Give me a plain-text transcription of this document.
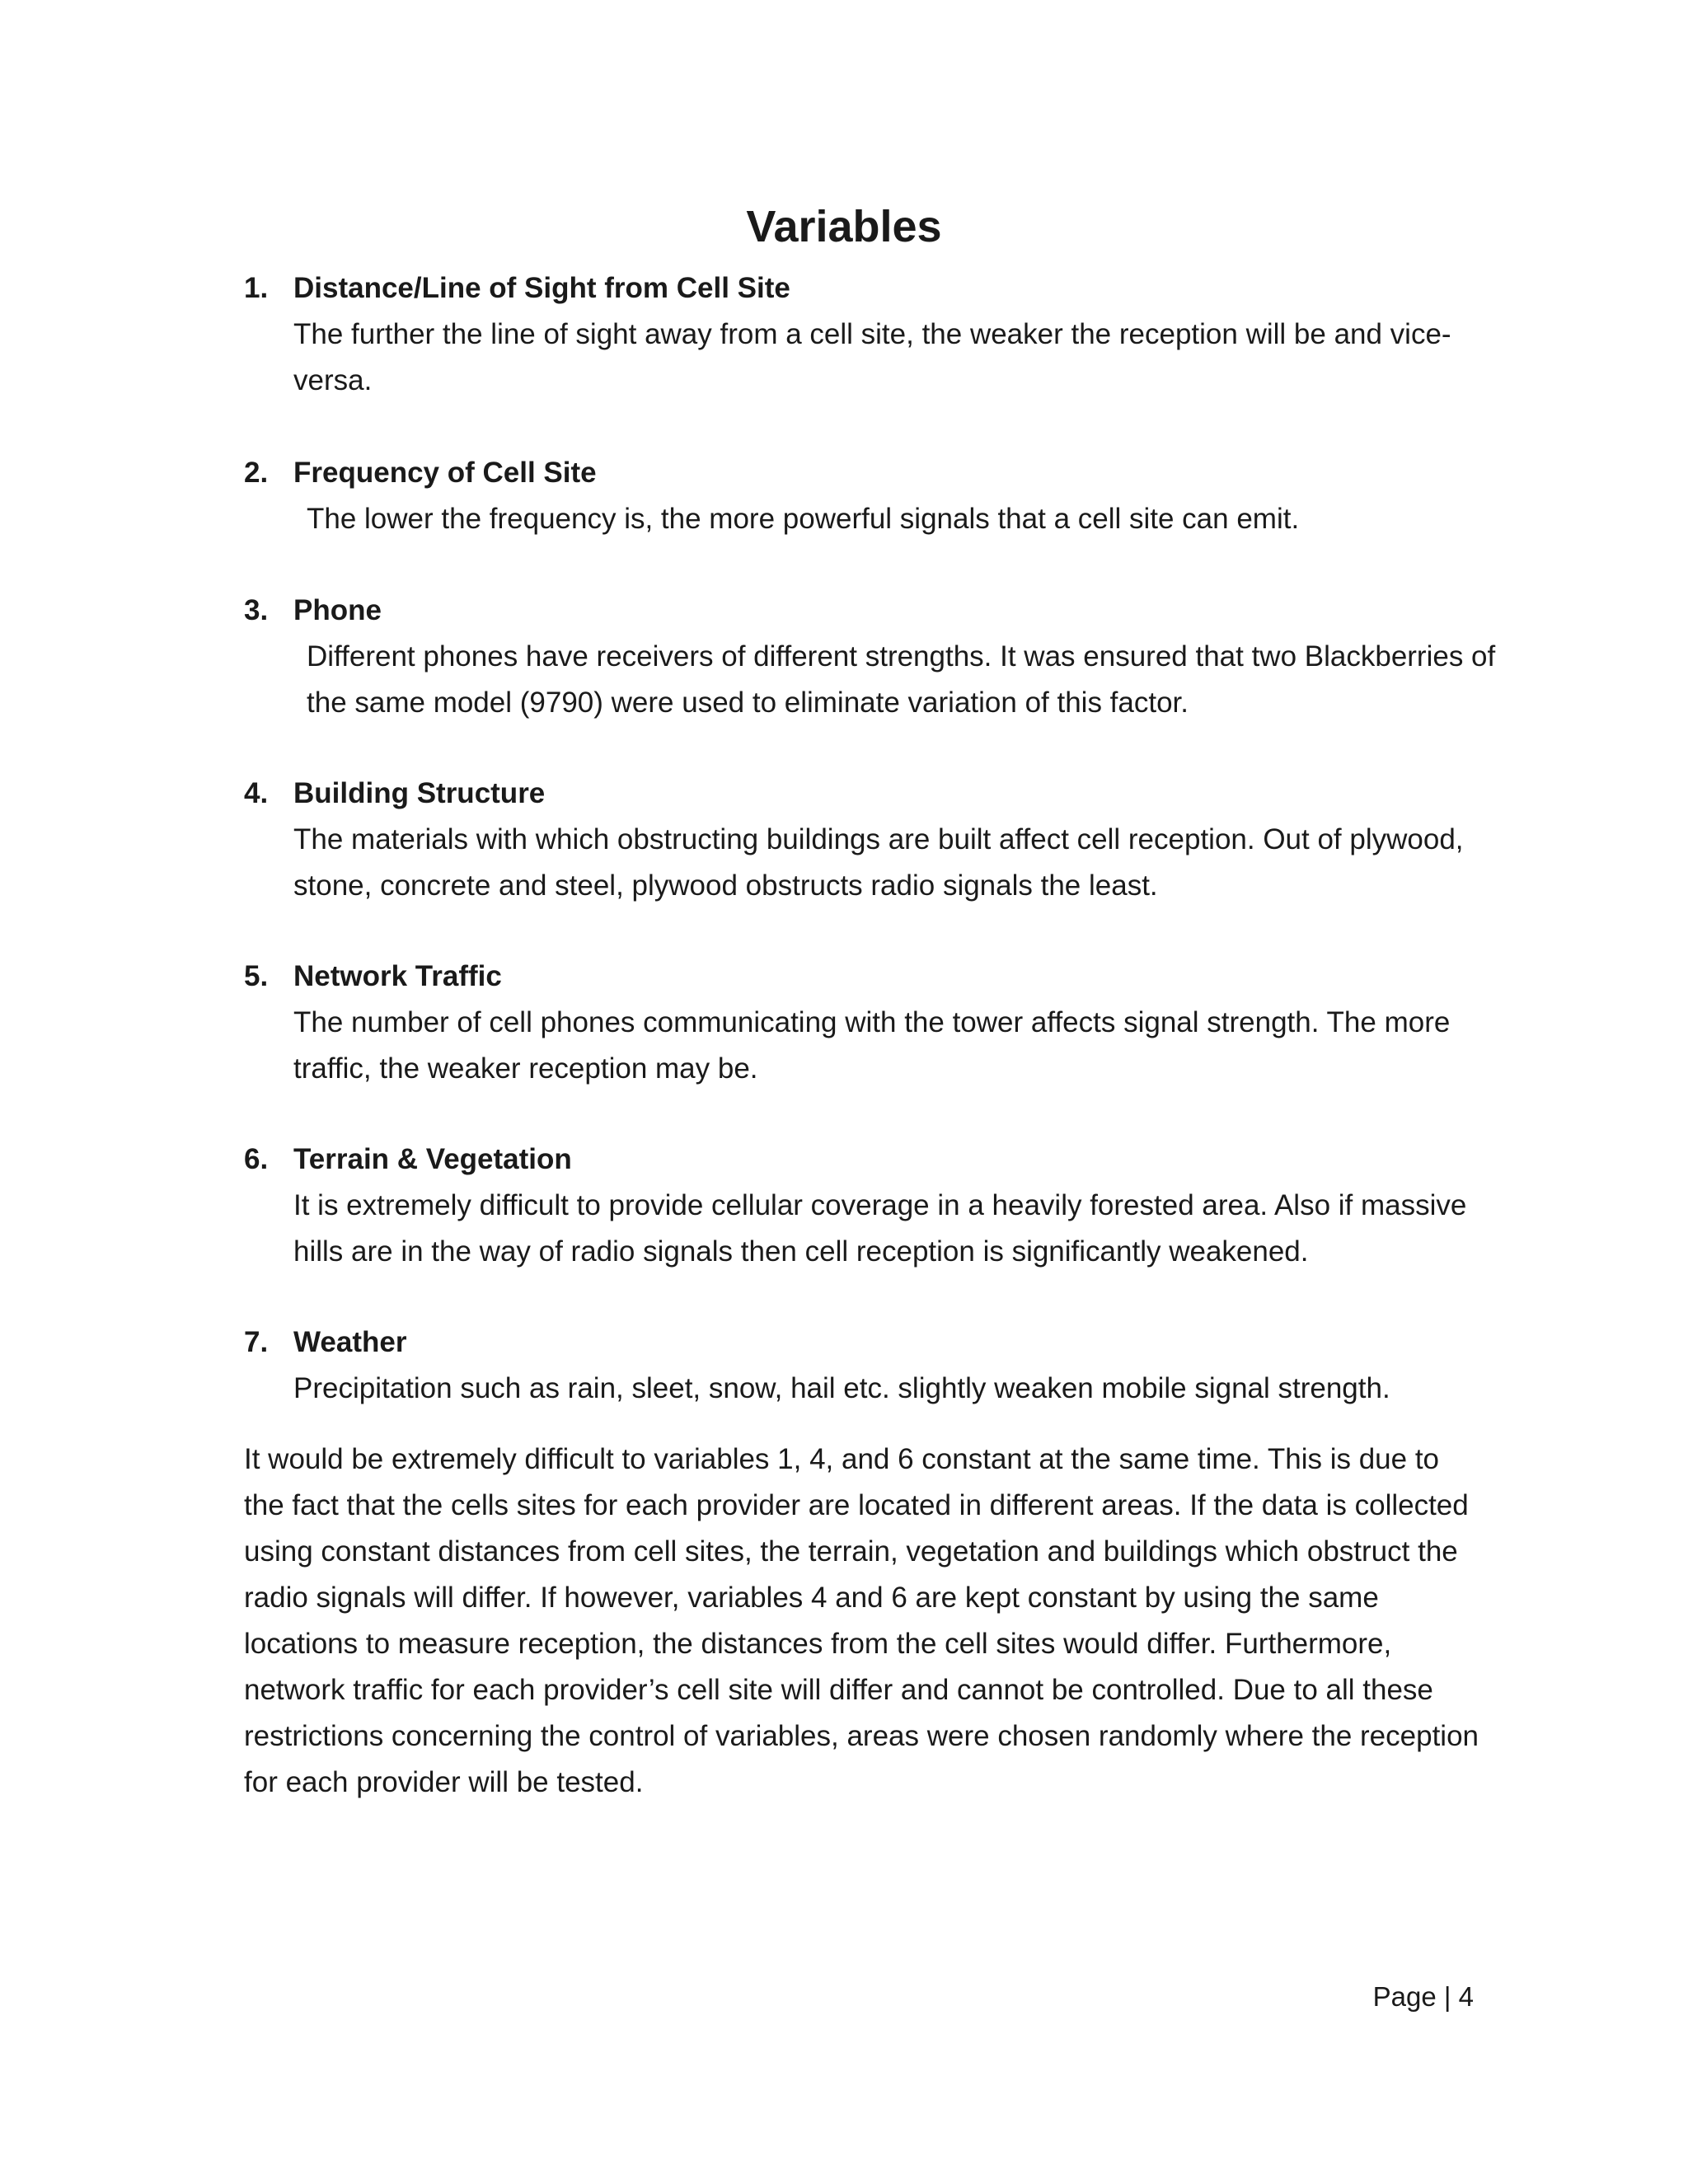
Variables
1. Distance/Line of Sight from Cell Site
The further the line of sight away from a cell site, the weaker the reception will be and vice-versa.
2. Frequency of Cell Site
The lower the frequency is, the more powerful signals that a cell site can emit.
3. Phone
Different phones have receivers of different strengths. It was ensured that two Blackberries of the same model (9790) were used to eliminate variation of this factor.
4. Building Structure
The materials with which obstructing buildings are built affect cell reception. Out of plywood, stone, concrete and steel, plywood obstructs radio signals the least.
5. Network Traffic
The number of cell phones communicating with the tower affects signal strength. The more traffic, the weaker reception may be.
6. Terrain & Vegetation
It is extremely difficult to provide cellular coverage in a heavily forested area. Also if massive hills are in the way of radio signals then cell reception is significantly weakened.
7. Weather
Precipitation such as rain, sleet, snow, hail etc. slightly weaken mobile signal strength.

It would be extremely difficult to variables 1, 4, and 6 constant at the same time. This is due to the fact that the cells sites for each provider are located in different areas. If the data is collected using constant distances from cell sites, the terrain, vegetation and buildings which obstruct the radio signals will differ. If however, variables 4 and 6 are kept constant by using the same locations to measure reception, the distances from the cell sites would differ. Furthermore, network traffic for each provider’s cell site will differ and cannot be controlled. Due to all these restrictions concerning the control of variables, areas were chosen randomly where the reception for each provider will be tested.

Page | 4
